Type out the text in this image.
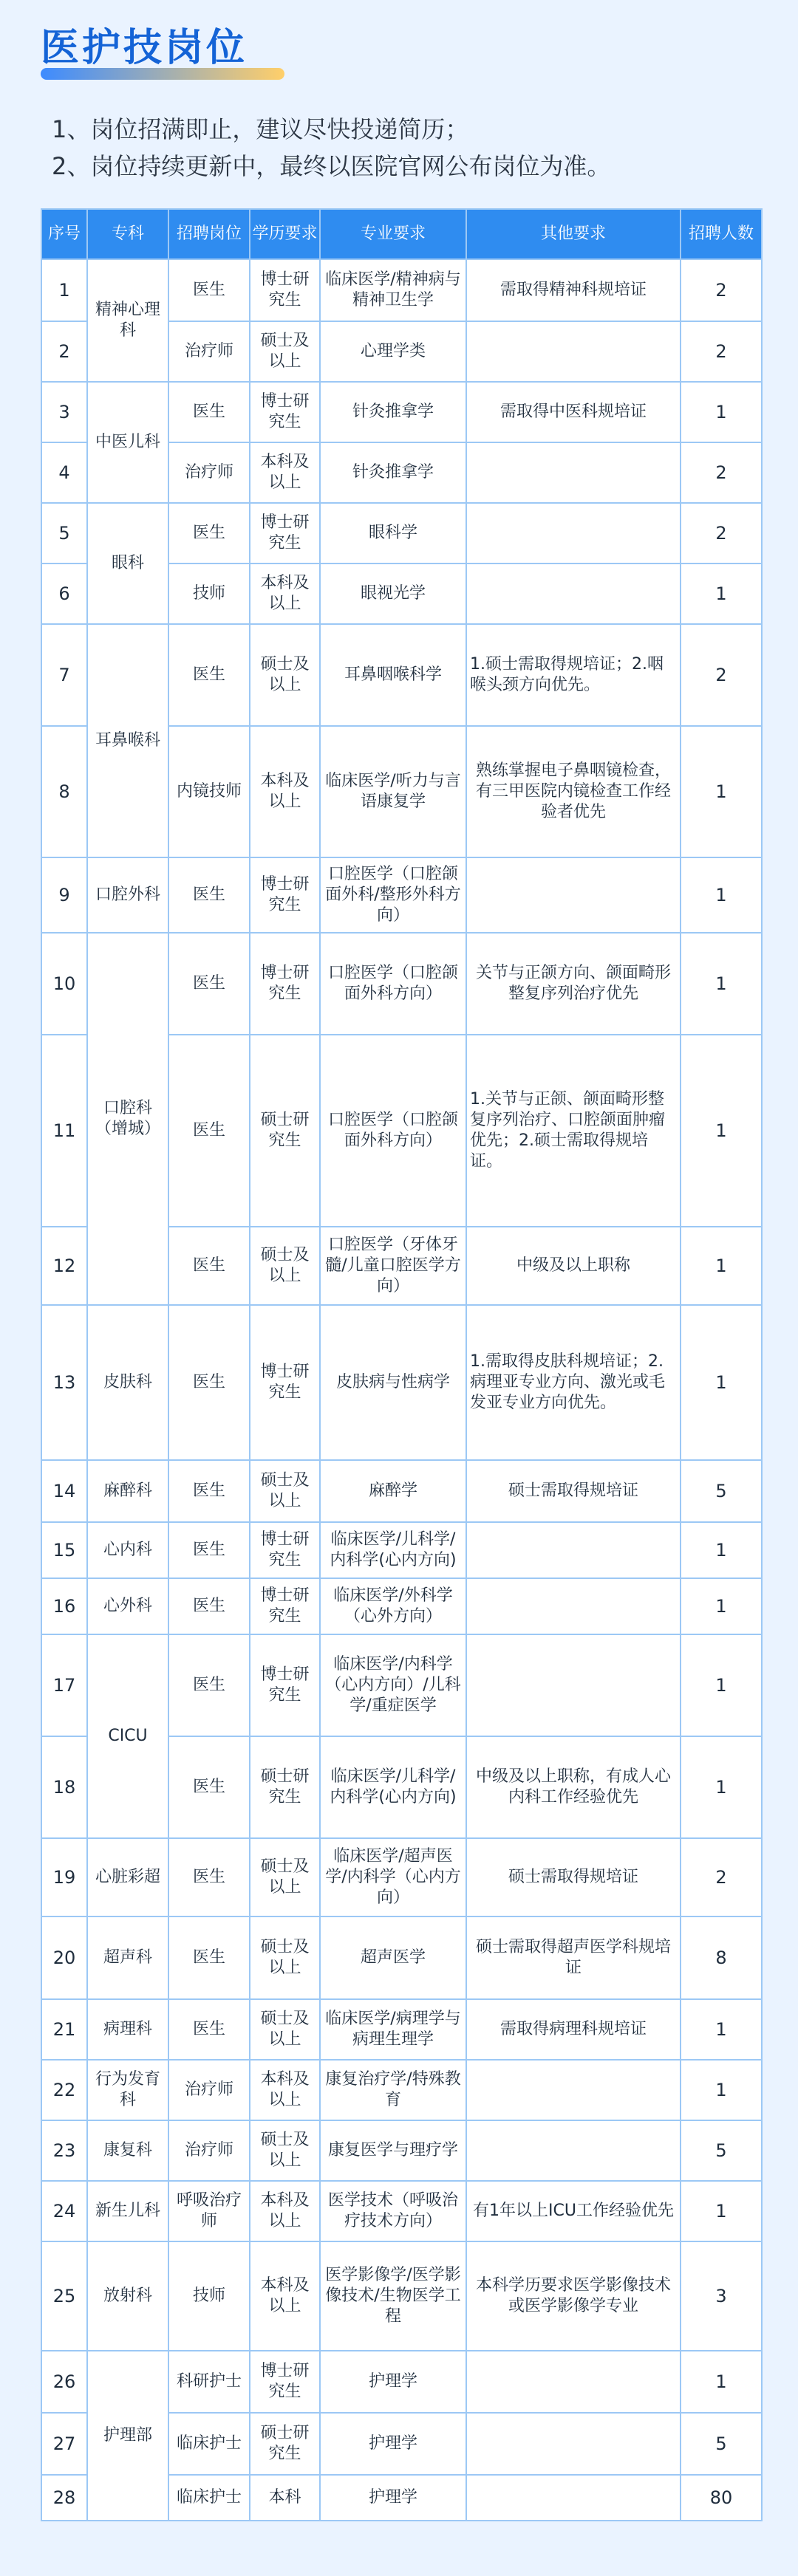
医护技岗位
1、岗位招满即止，建议尽快投递简历；
2、岗位持续更新中，最终以医院官网公布岗位为准。
序号	专科	招聘岗位	学历要求	专业要求	其他要求	招聘人数
1	精神心理科	医生	博士研究生	临床医学/精神病与精神卫生学	需取得精神科规培证	2
2		治疗师	硕士及以上	心理学类		2
3	中医儿科	医生	博士研究生	针灸推拿学	需取得中医科规培证	1
4		治疗师	本科及以上	针灸推拿学		2
5	眼科	医生	博士研究生	眼科学		2
6		技师	本科及以上	眼视光学		1
7	耳鼻喉科	医生	硕士及以上	耳鼻咽喉科学	1.硕士需取得规培证；2.咽喉头颈方向优先。	2
8		内镜技师	本科及以上	临床医学/听力与言语康复学	熟练掌握电子鼻咽镜检查，有三甲医院内镜检查工作经验者优先	1
9	口腔外科	医生	博士研究生	口腔医学（口腔颌面外科/整形外科方向）		1
10	口腔科（增城）	医生	博士研究生	口腔医学（口腔颌面外科方向）	关节与正颌方向、颌面畸形整复序列治疗优先	1
11		医生	硕士研究生	口腔医学（口腔颌面外科方向）	1.关节与正颌、颌面畸形整复序列治疗、口腔颌面肿瘤优先；2.硕士需取得规培证。	1
12		医生	硕士及以上	口腔医学（牙体牙髓/儿童口腔医学方向）	中级及以上职称	1
13	皮肤科	医生	博士研究生	皮肤病与性病学	1.需取得皮肤科规培证；2.病理亚专业方向、激光或毛发亚专业方向优先。	1
14	麻醉科	医生	硕士及以上	麻醉学	硕士需取得规培证	5
15	心内科	医生	博士研究生	临床医学/儿科学/内科学(心内方向)		1
16	心外科	医生	博士研究生	临床医学/外科学（心外方向）		1
17	CICU	医生	博士研究生	临床医学/内科学（心内方向）/儿科学/重症医学		1
18		医生	硕士研究生	临床医学/儿科学/内科学(心内方向)	中级及以上职称，有成人心内科工作经验优先	1
19	心脏彩超	医生	硕士及以上	临床医学/超声医学/内科学（心内方向）	硕士需取得规培证	2
20	超声科	医生	硕士及以上	超声医学	硕士需取得超声医学科规培证	8
21	病理科	医生	硕士及以上	临床医学/病理学与病理生理学	需取得病理科规培证	1
22	行为发育科	治疗师	本科及以上	康复治疗学/特殊教育		1
23	康复科	治疗师	硕士及以上	康复医学与理疗学		5
24	新生儿科	呼吸治疗师	本科及以上	医学技术（呼吸治疗技术方向）	有1年以上ICU工作经验优先	1
25	放射科	技师	本科及以上	医学影像学/医学影像技术/生物医学工程	本科学历要求医学影像技术或医学影像学专业	3
26	护理部	科研护士	博士研究生	护理学		1
27		临床护士	硕士研究生	护理学		5
28		临床护士	本科	护理学		80
